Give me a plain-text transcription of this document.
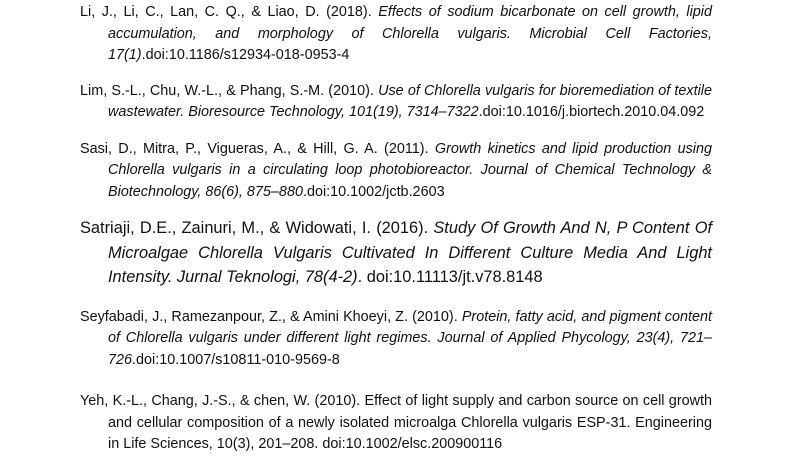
Li, J., Li, C., Lan, C. Q., & Liao, D. (2018). Effects of sodium bicarbonate on cell growth, lipid accumulation, and morphology of Chlorella vulgaris. Microbial Cell Factories, 17(1).doi:10.1186/s12934-018-0953-4

Lim, S.-L., Chu, W.-L., & Phang, S.-M. (2010). Use of Chlorella vulgaris for bioremediation of textile wastewater. Bioresource Technology, 101(19), 7314–7322.doi:10.1016/j.biortech.2010.04.092

Sasi, D., Mitra, P., Vigueras, A., & Hill, G. A. (2011). Growth kinetics and lipid production using Chlorella vulgaris in a circulating loop photobioreactor. Journal of Chemical Technology & Biotechnology, 86(6), 875–880.doi:10.1002/jctb.2603

Satriaji, D.E., Zainuri, M., & Widowati, I. (2016). Study Of Growth And N, P Content Of Microalgae Chlorella Vulgaris Cultivated In Different Culture Media And Light Intensity. Jurnal Teknologi, 78(4-2). doi:10.11113/jt.v78.8148

Seyfabadi, J., Ramezanpour, Z., & Amini Khoeyi, Z. (2010). Protein, fatty acid, and pigment content of Chlorella vulgaris under different light regimes. Journal of Applied Phycology, 23(4), 721–726.doi:10.1007/s10811-010-9569-8

Yeh, K.-L., Chang, J.-S., & chen, W. (2010). Effect of light supply and carbon source on cell growth and cellular composition of a newly isolated microalga Chlorella vulgaris ESP-31. Engineering in Life Sciences, 10(3), 201–208. doi:10.1002/elsc.200900116
